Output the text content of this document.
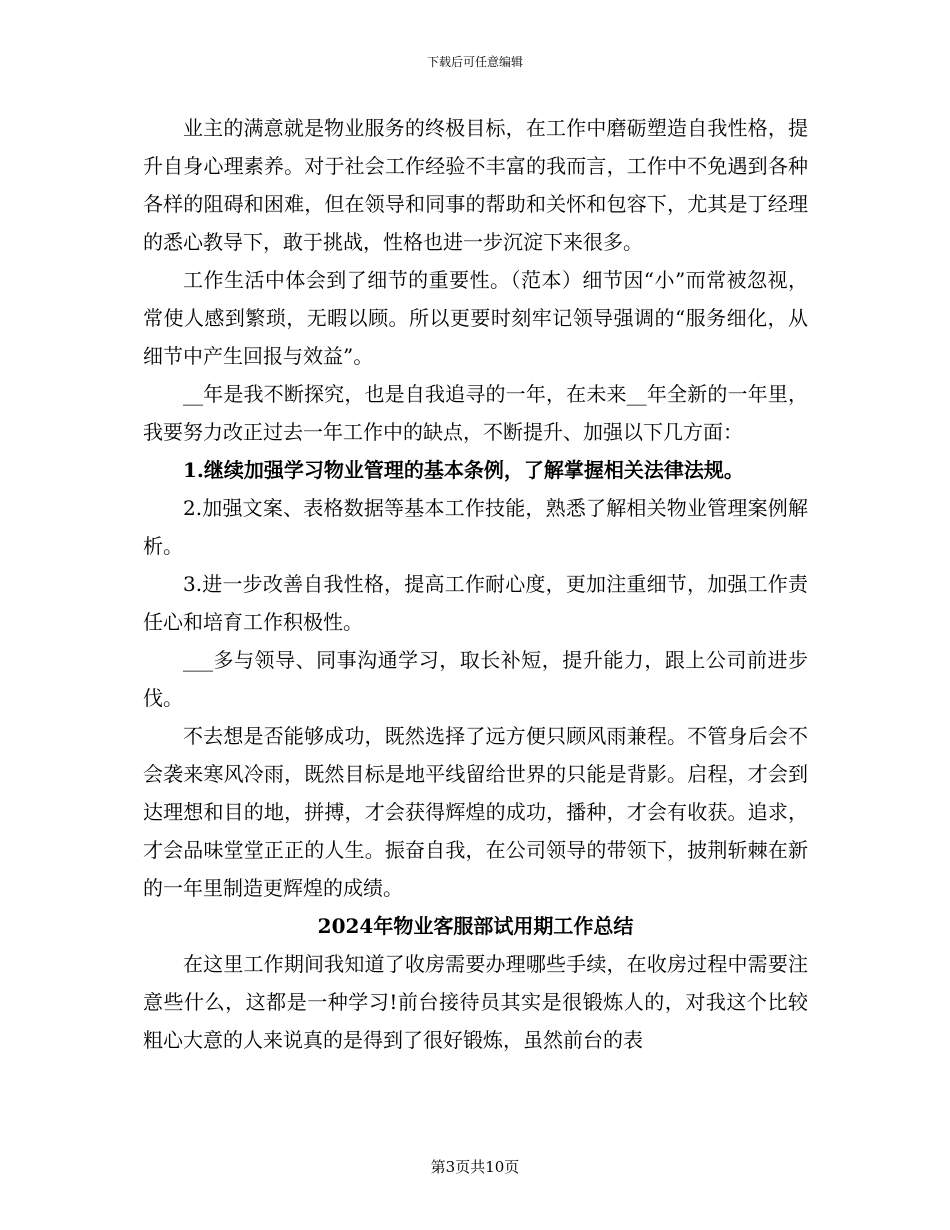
下载后可任意编辑

业主的满意就是物业服务的终极目标，在工作中磨砺塑造自我性格，提升自身心理素养。对于社会工作经验不丰富的我而言，工作中不免遇到各种各样的阻碍和困难，但在领导和同事的帮助和关怀和包容下，尤其是丁经理的悉心教导下，敢于挑战，性格也进一步沉淀下来很多。

工作生活中体会到了细节的重要性。（范本）细节因“小”而常被忽视，常使人感到繁琐，无暇以顾。所以更要时刻牢记领导强调的“服务细化，从细节中产生回报与效益”。

__年是我不断探究，也是自我追寻的一年，在未来__年全新的一年里，我要努力改正过去一年工作中的缺点，不断提升、加强以下几方面：

1.继续加强学习物业管理的基本条例，了解掌握相关法律法规。

2.加强文案、表格数据等基本工作技能，熟悉了解相关物业管理案例解析。

3.进一步改善自我性格，提高工作耐心度，更加注重细节，加强工作责任心和培育工作积极性。

___多与领导、同事沟通学习，取长补短，提升能力，跟上公司前进步伐。

不去想是否能够成功，既然选择了远方便只顾风雨兼程。不管身后会不会袭来寒风冷雨，既然目标是地平线留给世界的只能是背影。启程，才会到达理想和目的地，拼搏，才会获得辉煌的成功，播种，才会有收获。追求，才会品味堂堂正正的人生。振奋自我，在公司领导的带领下，披荆斩棘在新的一年里制造更辉煌的成绩。

2024年物业客服部试用期工作总结

在这里工作期间我知道了收房需要办理哪些手续，在收房过程中需要注意些什么，这都是一种学习!前台接待员其实是很锻炼人的，对我这个比较粗心大意的人来说真的是得到了很好锻炼，虽然前台的表

第3页共10页
